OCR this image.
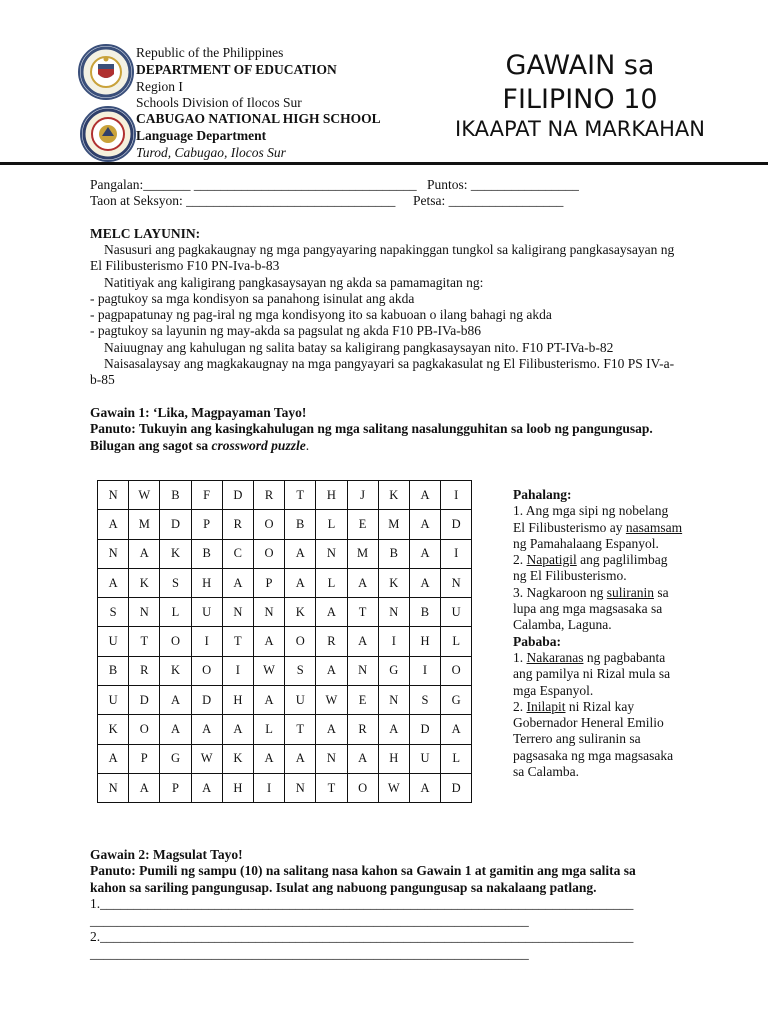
Republic of the Philippines
DEPARTMENT OF EDUCATION
Region I
Schools Division of Ilocos Sur
CABUGAO NATIONAL HIGH SCHOOL
Language Department
Turod, Cabugao, Ilocos Sur
GAWAIN sa
FILIPINO 10
IKAAPAT NA MARKAHAN
Pangalan:_______ _________________________________ Puntos: ________________
Taon at Seksyon: _______________________________ Petsa: _________________
MELC LAYUNIN:
Nasusuri ang pagkakaugnay ng mga pangyayaring napakinggan tungkol sa kaligirang pangkasaysayan ng El Filibusterismo F10 PN-Iva-b-83
Natitiyak ang kaligirang pangkasaysayan ng akda sa pamamagitan ng:
- pagtukoy sa mga kondisyon sa panahong isinulat ang akda
- pagpapatunay ng pag-iral ng mga kondisyong ito sa kabuoan o ilang bahagi ng akda
- pagtukoy sa layunin ng may-akda sa pagsulat ng akda F10 PB-IVa-b86
Naiuugnay ang kahulugan ng salita batay sa kaligirang pangkasaysayan nito. F10 PT-IVa-b-82
Naisasalaysay ang magkakaugnay na mga pangyayari sa pagkakasulat ng El Filibusterismo. F10 PS IV-a-b-85
Gawain 1: ‘Lika, Magpayaman Tayo!
Panuto: Tukuyin ang kasingkahulugan ng mga salitang nasalungguhitan sa loob ng pangungusap.
Bilugan ang sagot sa crossword puzzle.
N	W	B	F	D	R	T	H	J	K	A	I
A	M	D	P	R	O	B	L	E	M	A	D
N	A	K	B	C	O	A	N	M	B	A	I
A	K	S	H	A	P	A	L	A	K	A	N
S	N	L	U	N	N	K	A	T	N	B	U
U	T	O	I	T	A	O	R	A	I	H	L
B	R	K	O	I	W	S	A	N	G	I	O
U	D	A	D	H	A	U	W	E	N	S	G
K	O	A	A	A	L	T	A	R	A	D	A
A	P	G	W	K	A	A	N	A	H	U	L
N	A	P	A	H	I	N	T	O	W	A	D

Pahalang:

1. Ang mga sipi ng nobelang El Filibusterismo ay nasamsam ng Pamahalaang Espanyol.

2. Napatigil ang paglilimbag ng El Filibusterismo.

3. Nagkaroon ng suliranin sa lupa ang mga magsasaka sa Calamba, Laguna.

Pababa:

1. Nakaranas ng pagbabanta ang pamilya ni Rizal mula sa mga Espanyol.

2. Inilapit ni Rizal kay Gobernador Heneral Emilio Terrero ang suliranin sa pagsasaka ng mga magsasaka sa Calamba.

Gawain 2: Magsulat Tayo!
Panuto: Pumili ng sampu (10) na salitang nasa kahon sa Gawain 1 at gamitin ang mga salita sa
kahon sa sariling pangungusap. Isulat ang nabuong pangungusap sa nakalaang patlang.
1._______________________________________________________________________________
_________________________________________________________________
2._______________________________________________________________________________
_________________________________________________________________
